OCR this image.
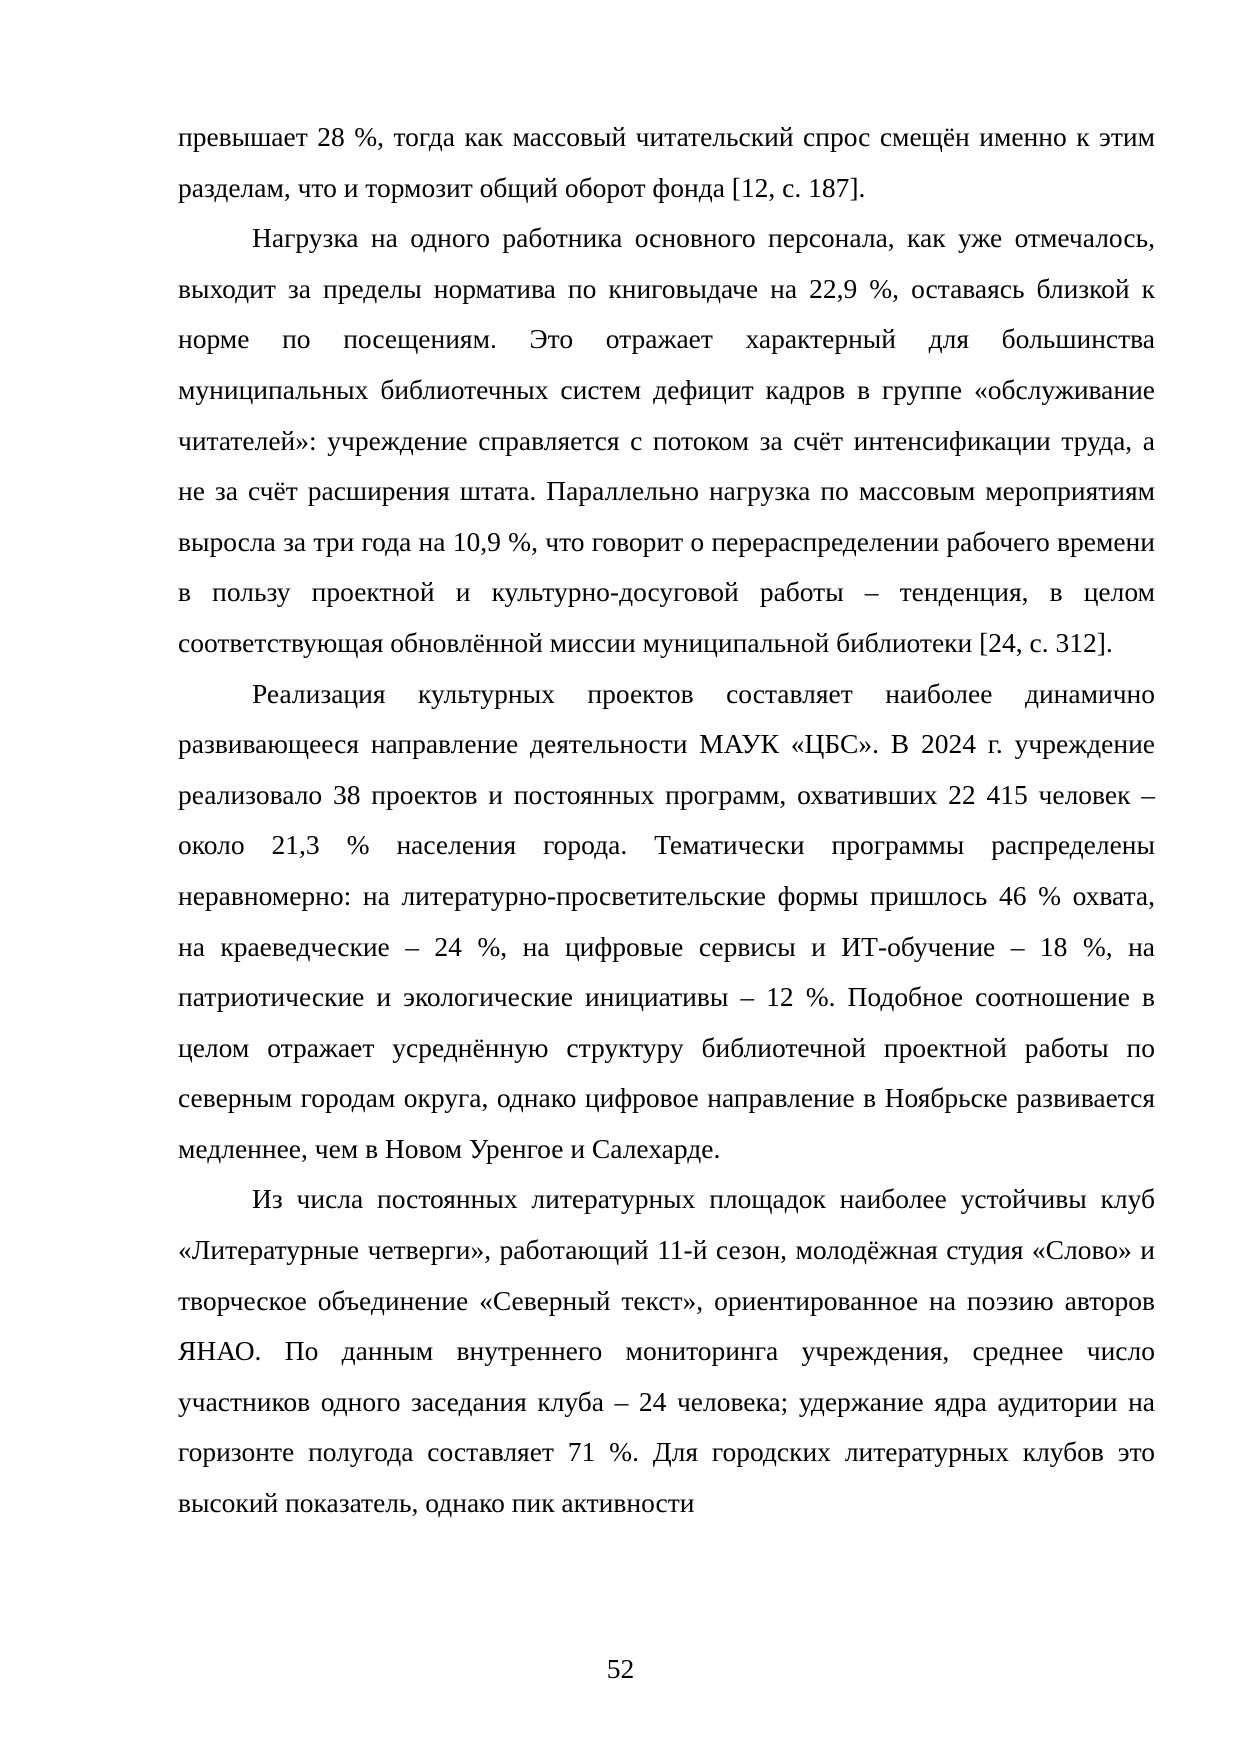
превышает 28 %, тогда как массовый читательский спрос смещён именно к этим разделам, что и тормозит общий оборот фонда [12, с. 187].

Нагрузка на одного работника основного персонала, как уже отмечалось, выходит за пределы норматива по книговыдаче на 22,9 %, оставаясь близкой к норме по посещениям. Это отражает характерный для большинства муниципальных библиотечных систем дефицит кадров в группе «обслуживание читателей»: учреждение справляется с потоком за счёт интенсификации труда, а не за счёт расширения штата. Параллельно нагрузка по массовым мероприятиям выросла за три года на 10,9 %, что говорит о перераспределении рабочего времени в пользу проектной и культурно-досуговой работы – тенденция, в целом соответствующая обновлённой миссии муниципальной библиотеки [24, с. 312].

Реализация культурных проектов составляет наиболее динамично развивающееся направление деятельности МАУК «ЦБС». В 2024 г. учреждение реализовало 38 проектов и постоянных программ, охвативших 22 415 человек – около 21,3 % населения города. Тематически программы распределены неравномерно: на литературно-просветительские формы пришлось 46 % охвата, на краеведческие – 24 %, на цифровые сервисы и ИТ-обучение – 18 %, на патриотические и экологические инициативы – 12 %. Подобное соотношение в целом отражает усреднённую структуру библиотечной проектной работы по северным городам округа, однако цифровое направление в Ноябрьске развивается медленнее, чем в Новом Уренгое и Салехарде.

Из числа постоянных литературных площадок наиболее устойчивы клуб «Литературные четверги», работающий 11-й сезон, молодёжная студия «Слово» и творческое объединение «Северный текст», ориентированное на поэзию авторов ЯНАО. По данным внутреннего мониторинга учреждения, среднее число участников одного заседания клуба – 24 человека; удержание ядра аудитории на горизонте полугода составляет 71 %. Для городских литературных клубов это высокий показатель, однако пик активности

52
